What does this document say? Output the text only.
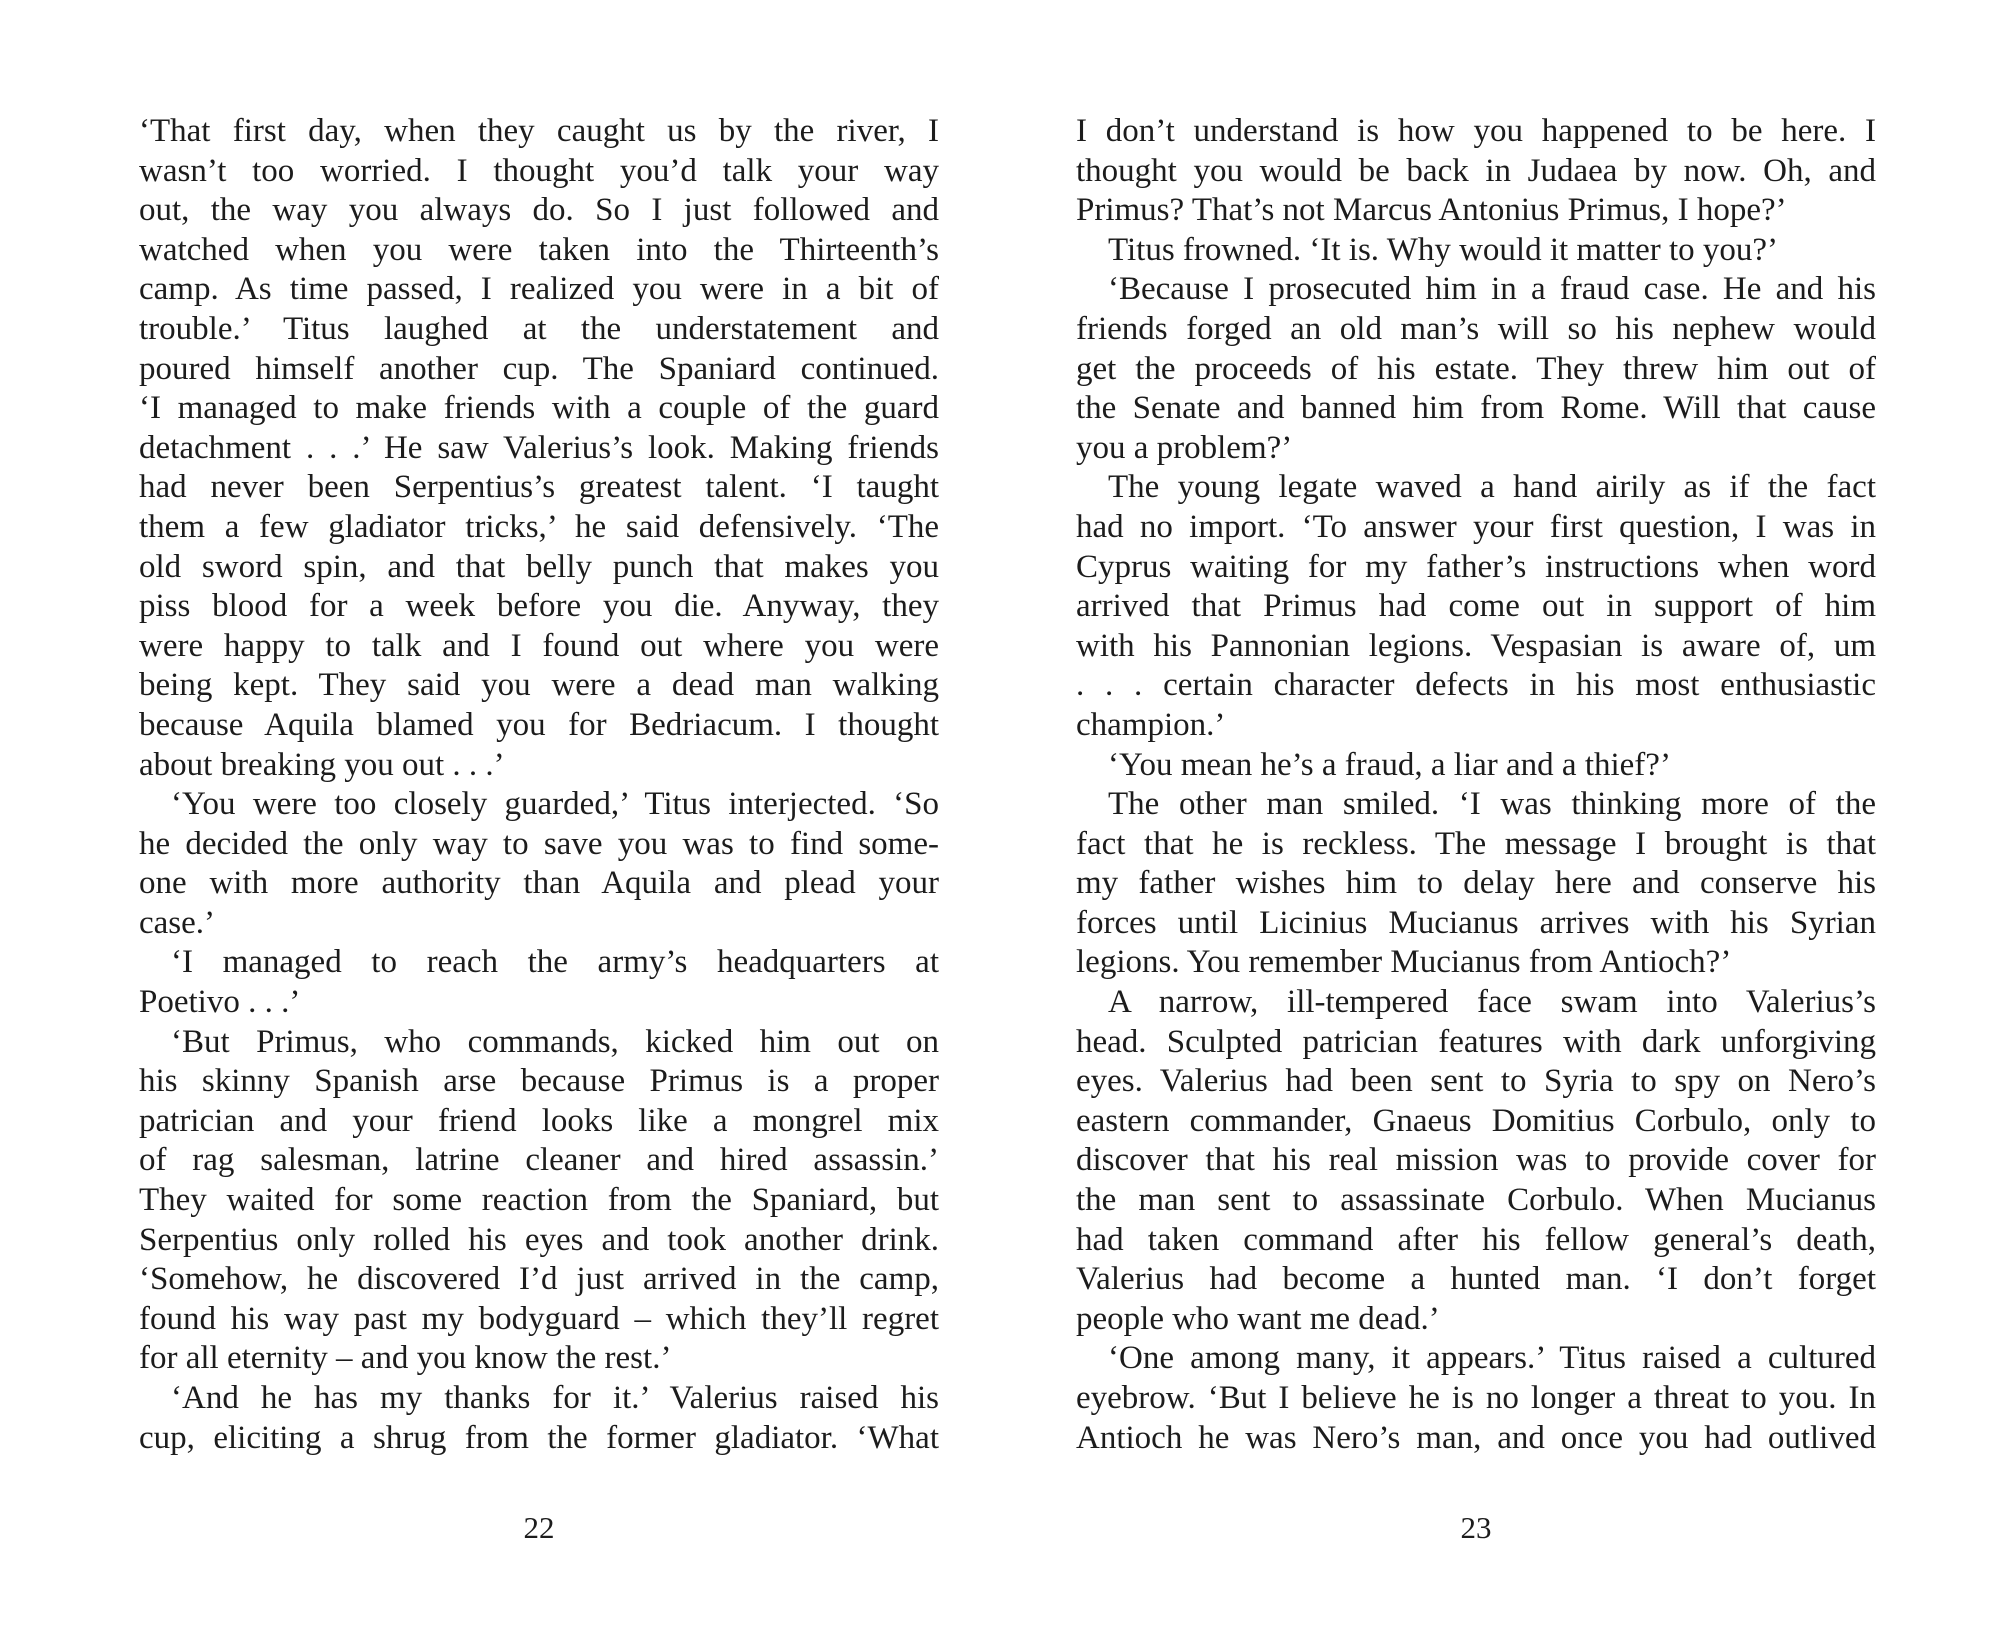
‘That first day, when they caught us by the river, I
wasn’t too worried. I thought you’d talk your way
out, the way you always do. So I just followed and
watched when you were taken into the Thirteenth’s
camp. As time passed, I realized you were in a bit of
trouble.’ Titus laughed at the understatement and
poured himself another cup. The Spaniard continued.
‘I managed to make friends with a couple of the guard
detachment . . .’ He saw Valerius’s look. Making friends
had never been Serpentius’s greatest talent. ‘I taught
them a few gladiator tricks,’ he said defensively. ‘The
old sword spin, and that belly punch that makes you
piss blood for a week before you die. Anyway, they
were happy to talk and I found out where you were
being kept. They said you were a dead man walking
because Aquila blamed you for Bedriacum. I thought
about breaking you out . . .’
‘You were too closely guarded,’ Titus interjected. ‘So
he decided the only way to save you was to find some-
one with more authority than Aquila and plead your
case.’
‘I managed to reach the army’s headquarters at
Poetivo . . .’
‘But Primus, who commands, kicked him out on
his skinny Spanish arse because Primus is a proper
patrician and your friend looks like a mongrel mix
of rag salesman, latrine cleaner and hired assassin.’
They waited for some reaction from the Spaniard, but
Serpentius only rolled his eyes and took another drink.
‘Somehow, he discovered I’d just arrived in the camp,
found his way past my bodyguard – which they’ll regret
for all eternity – and you know the rest.’
‘And he has my thanks for it.’ Valerius raised his
cup, eliciting a shrug from the former gladiator. ‘What
I don’t understand is how you happened to be here. I
thought you would be back in Judaea by now. Oh, and
Primus? That’s not Marcus Antonius Primus, I hope?’
Titus frowned. ‘It is. Why would it matter to you?’
‘Because I prosecuted him in a fraud case. He and his
friends forged an old man’s will so his nephew would
get the proceeds of his estate. They threw him out of
the Senate and banned him from Rome. Will that cause
you a problem?’
The young legate waved a hand airily as if the fact
had no import. ‘To answer your first question, I was in
Cyprus waiting for my father’s instructions when word
arrived that Primus had come out in support of him
with his Pannonian legions. Vespasian is aware of, um
. . . certain character defects in his most enthusiastic
champion.’
‘You mean he’s a fraud, a liar and a thief?’
The other man smiled. ‘I was thinking more of the
fact that he is reckless. The message I brought is that
my father wishes him to delay here and conserve his
forces until Licinius Mucianus arrives with his Syrian
legions. You remember Mucianus from Antioch?’
A narrow, ill-tempered face swam into Valerius’s
head. Sculpted patrician features with dark unforgiving
eyes. Valerius had been sent to Syria to spy on Nero’s
eastern commander, Gnaeus Domitius Corbulo, only to
discover that his real mission was to provide cover for
the man sent to assassinate Corbulo. When Mucianus
had taken command after his fellow general’s death,
Valerius had become a hunted man. ‘I don’t forget
people who want me dead.’
‘One among many, it appears.’ Titus raised a cultured
eyebrow. ‘But I believe he is no longer a threat to you. In
Antioch he was Nero’s man, and once you had outlived
22	23
